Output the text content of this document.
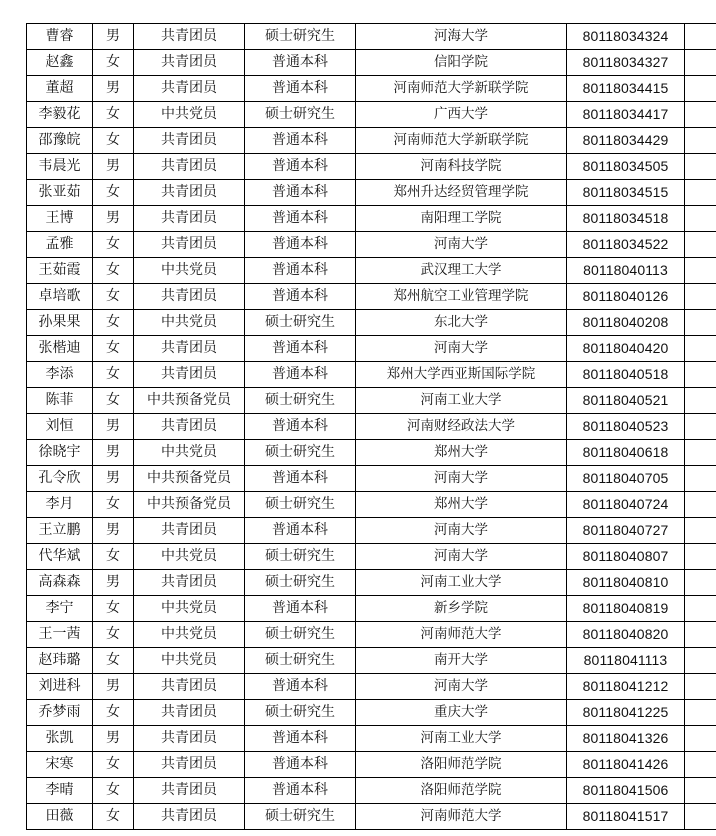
曹睿	男	共青团员	硕士研究生	河海大学	80118034324	
赵鑫	女	共青团员	普通本科	信阳学院	80118034327	
董超	男	共青团员	普通本科	河南师范大学新联学院	80118034415	
李毅花	女	中共党员	硕士研究生	广西大学	80118034417	
邵豫皖	女	共青团员	普通本科	河南师范大学新联学院	80118034429	
韦晨光	男	共青团员	普通本科	河南科技学院	80118034505	
张亚茹	女	共青团员	普通本科	郑州升达经贸管理学院	80118034515	
王博	男	共青团员	普通本科	南阳理工学院	80118034518	
孟雅	女	共青团员	普通本科	河南大学	80118034522	
王茹霞	女	中共党员	普通本科	武汉理工大学	80118040113	
卓培歌	女	共青团员	普通本科	郑州航空工业管理学院	80118040126	
孙果果	女	中共党员	硕士研究生	东北大学	80118040208	
张楷迪	女	共青团员	普通本科	河南大学	80118040420	
李添	女	共青团员	普通本科	郑州大学西亚斯国际学院	80118040518	
陈菲	女	中共预备党员	硕士研究生	河南工业大学	80118040521	
刘恒	男	共青团员	普通本科	河南财经政法大学	80118040523	
徐晓宇	男	中共党员	硕士研究生	郑州大学	80118040618	
孔令欣	男	中共预备党员	普通本科	河南大学	80118040705	
李月	女	中共预备党员	硕士研究生	郑州大学	80118040724	
王立鹏	男	共青团员	普通本科	河南大学	80118040727	
代华斌	女	中共党员	硕士研究生	河南大学	80118040807	
高森森	男	共青团员	硕士研究生	河南工业大学	80118040810	
李宁	女	中共党员	普通本科	新乡学院	80118040819	
王一茜	女	中共党员	硕士研究生	河南师范大学	80118040820	
赵玮璐	女	中共党员	硕士研究生	南开大学	80118041113	
刘进科	男	共青团员	普通本科	河南大学	80118041212	
乔梦雨	女	共青团员	硕士研究生	重庆大学	80118041225	
张凯	男	共青团员	普通本科	河南工业大学	80118041326	
宋寒	女	共青团员	普通本科	洛阳师范学院	80118041426	
李晴	女	共青团员	普通本科	洛阳师范学院	80118041506	
田薇	女	共青团员	硕士研究生	河南师范大学	80118041517	
